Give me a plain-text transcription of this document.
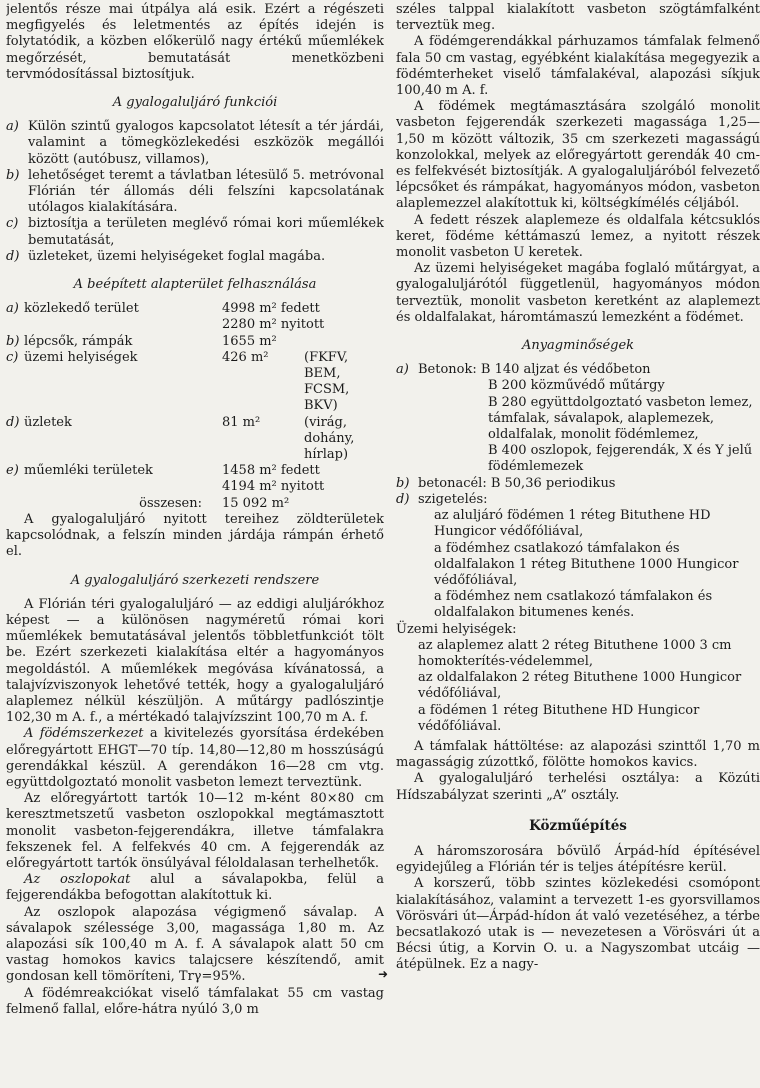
jelentős része mai útpálya alá esik. Ezért a régészeti megfigyelés és leletmentés az építés idején is folytatódik, a közben előkerülő nagy értékű műemlékek megőrzését, bemutatását menetközbeni tervmódosítással biztosítjuk.

A gyalogaluljáró funkciói
a) Külön szintű gyalogos kapcsolatot létesít a tér járdái, valamint a tömegközlekedési eszközök megállói között (autóbusz, villamos),
b) lehetőséget teremt a távlatban létesülő 5. metróvonal Flórián tér állomás déli felszíni kapcsolatának utólagos kialakítására.
c) biztosítja a területen meglévő római kori műemlékek bemutatását,
d) üzleteket, üzemi helyiségeket foglal magába.
A beépített alapterület felhasználása
a)	közlekedő terület	4998 m² fedett	
		2280 m² nyitott	
b)	lépcsők, rámpák	1655 m²	
c)	üzemi helyiségek	426 m²	(FKFV, BEM, FCSM, BKV)
d)	üzletek	81 m²	(virág, dohány, hírlap)
e)	műemléki területek	1458 m² fedett	
		4194 m² nyitott	
	összesen:	15 092 m²	

A gyalogaluljáró nyitott tereihez zöldterületek kapcsolódnak, a felszín minden járdája rámpán érhető el.

A gyalogaluljáró szerkezeti rendszere

A Flórián téri gyalogaluljáró — az eddigi aluljárókhoz képest — a különösen nagyméretű római kori műemlékek bemutatásával jelentős többletfunkciót tölt be. Ezért szerkezeti kialakítása eltér a hagyományos megoldástól. A műemlékek megóvása kívánatossá, a talajvízviszonyok lehetővé tették, hogy a gyalogaluljáró alaplemez nélkül készüljön. A műtárgy padlószintje 102,30 m A. f., a mértékadó talajvízszint 100,70 m A. f.

A födémszerkezet a kivitelezés gyorsítása érdekében előregyártott EHGT—70 típ. 14,80—12,80 m hosszúságú gerendákkal készül. A gerendákon 16—28 cm vtg. együttdolgoztató monolit vasbeton lemezt terveztünk.

Az előregyártott tartók 10—12 m-ként 80×80 cm keresztmetszetű vasbeton oszlopokkal megtámasztott monolit vasbeton-fejgerendákra, illetve támfalakra fekszenek fel. A felfekvés 40 cm. A fejgerendák az előregyártott tartók önsúlyával féloldalasan terhelhetők.

Az oszlopokat alul a sávalapokba, felül a fejgerendákba befogottan alakítottuk ki.

Az oszlopok alapozása végigmenő sávalap. A sávalapok szélessége 3,00, magassága 1,80 m. Az alapozási sík 100,40 m A. f. A sávalapok alatt 50 cm vastag homokos kavics talajcsere készítendő, amit gondosan kell tömöríteni, Trγ=95%.

A födémreakciókat viselő támfalakat 55 cm vastag felmenő fallal, előre-hátra nyúló 3,0 m

széles talppal kialakított vasbeton szögtámfalként terveztük meg.

A födémgerendákkal párhuzamos támfalak felmenő fala 50 cm vastag, egyébként kialakítása megegyezik a födémterheket viselő támfalakéval, alapozási síkjuk 100,40 m A. f.

A födémek megtámasztására szolgáló monolit vasbeton fejgerendák szerkezeti magassága 1,25—1,50 m között változik, 35 cm szerkezeti magasságú konzolokkal, melyek az előregyártott gerendák 40 cm-es felfekvését biztosítják. A gyalogaluljáróból felvezető lépcsőket és rámpákat, hagyományos módon, vasbeton alaplemezzel alakítottuk ki, költségkímélés céljából.

A fedett részek alaplemeze és oldalfala kétcsuklós keret, födéme kéttámaszú lemez, a nyitott részek monolit vasbeton U keretek.

Az üzemi helyiségeket magába foglaló műtárgyat, a gyalogaluljárótól függetlenül, hagyományos módon terveztük, monolit vasbeton keretként az alaplemezt és oldalfalakat, háromtámaszú lemezként a födémet.

Anyagminőségek
a) Betonok: B 140 aljzat és védőbeton
B 200 közművédő műtárgy
B 280 együttdolgoztató vasbeton lemez, támfalak, sávalapok, alaplemezek, oldalfalak, monolit födémlemez,
B 400 oszlopok, fejgerendák, X és Y jelű födémlemezek
b) betonacél: B 50,36 periodikus
d) szigetelés:
az aluljáró födémen 1 réteg Bituthene HD Hungicor védőfóliával,
a födémhez csatlakozó támfalakon és oldalfalakon 1 réteg Bituthene 1000 Hungicor védőfóliával,
a födémhez nem csatlakozó támfalakon és oldalfalakon bitumenes kenés.
Üzemi helyiségek:
az alaplemez alatt 2 réteg Bituthene 1000 3 cm homokterítés-védelemmel,
az oldalfalakon 2 réteg Bituthene 1000 Hungicor védőfóliával,
a födémen 1 réteg Bituthene HD Hungicor védőfóliával.

A támfalak háttöltése: az alapozási szinttől 1,70 m magasságig zúzottkő, fölötte homokos kavics.

A gyalogaluljáró terhelési osztálya: a Közúti Hídszabályzat szerinti „A” osztály.

Közműépítés

A háromszorosára bővülő Árpád-híd építésével egyidejűleg a Flórián tér is teljes átépítésre kerül.

A korszerű, több szintes közlekedési csomópont kialakításához, valamint a tervezett 1-es gyorsvillamos Vörösvári út—Árpád-hídon át való vezetéséhez, a térbe becsatlakozó utak is — nevezetesen a Vörösvári út a Bécsi útig, a Korvin O. u. a Nagyszombat utcáig — átépülnek. Ez a nagy-

➜
